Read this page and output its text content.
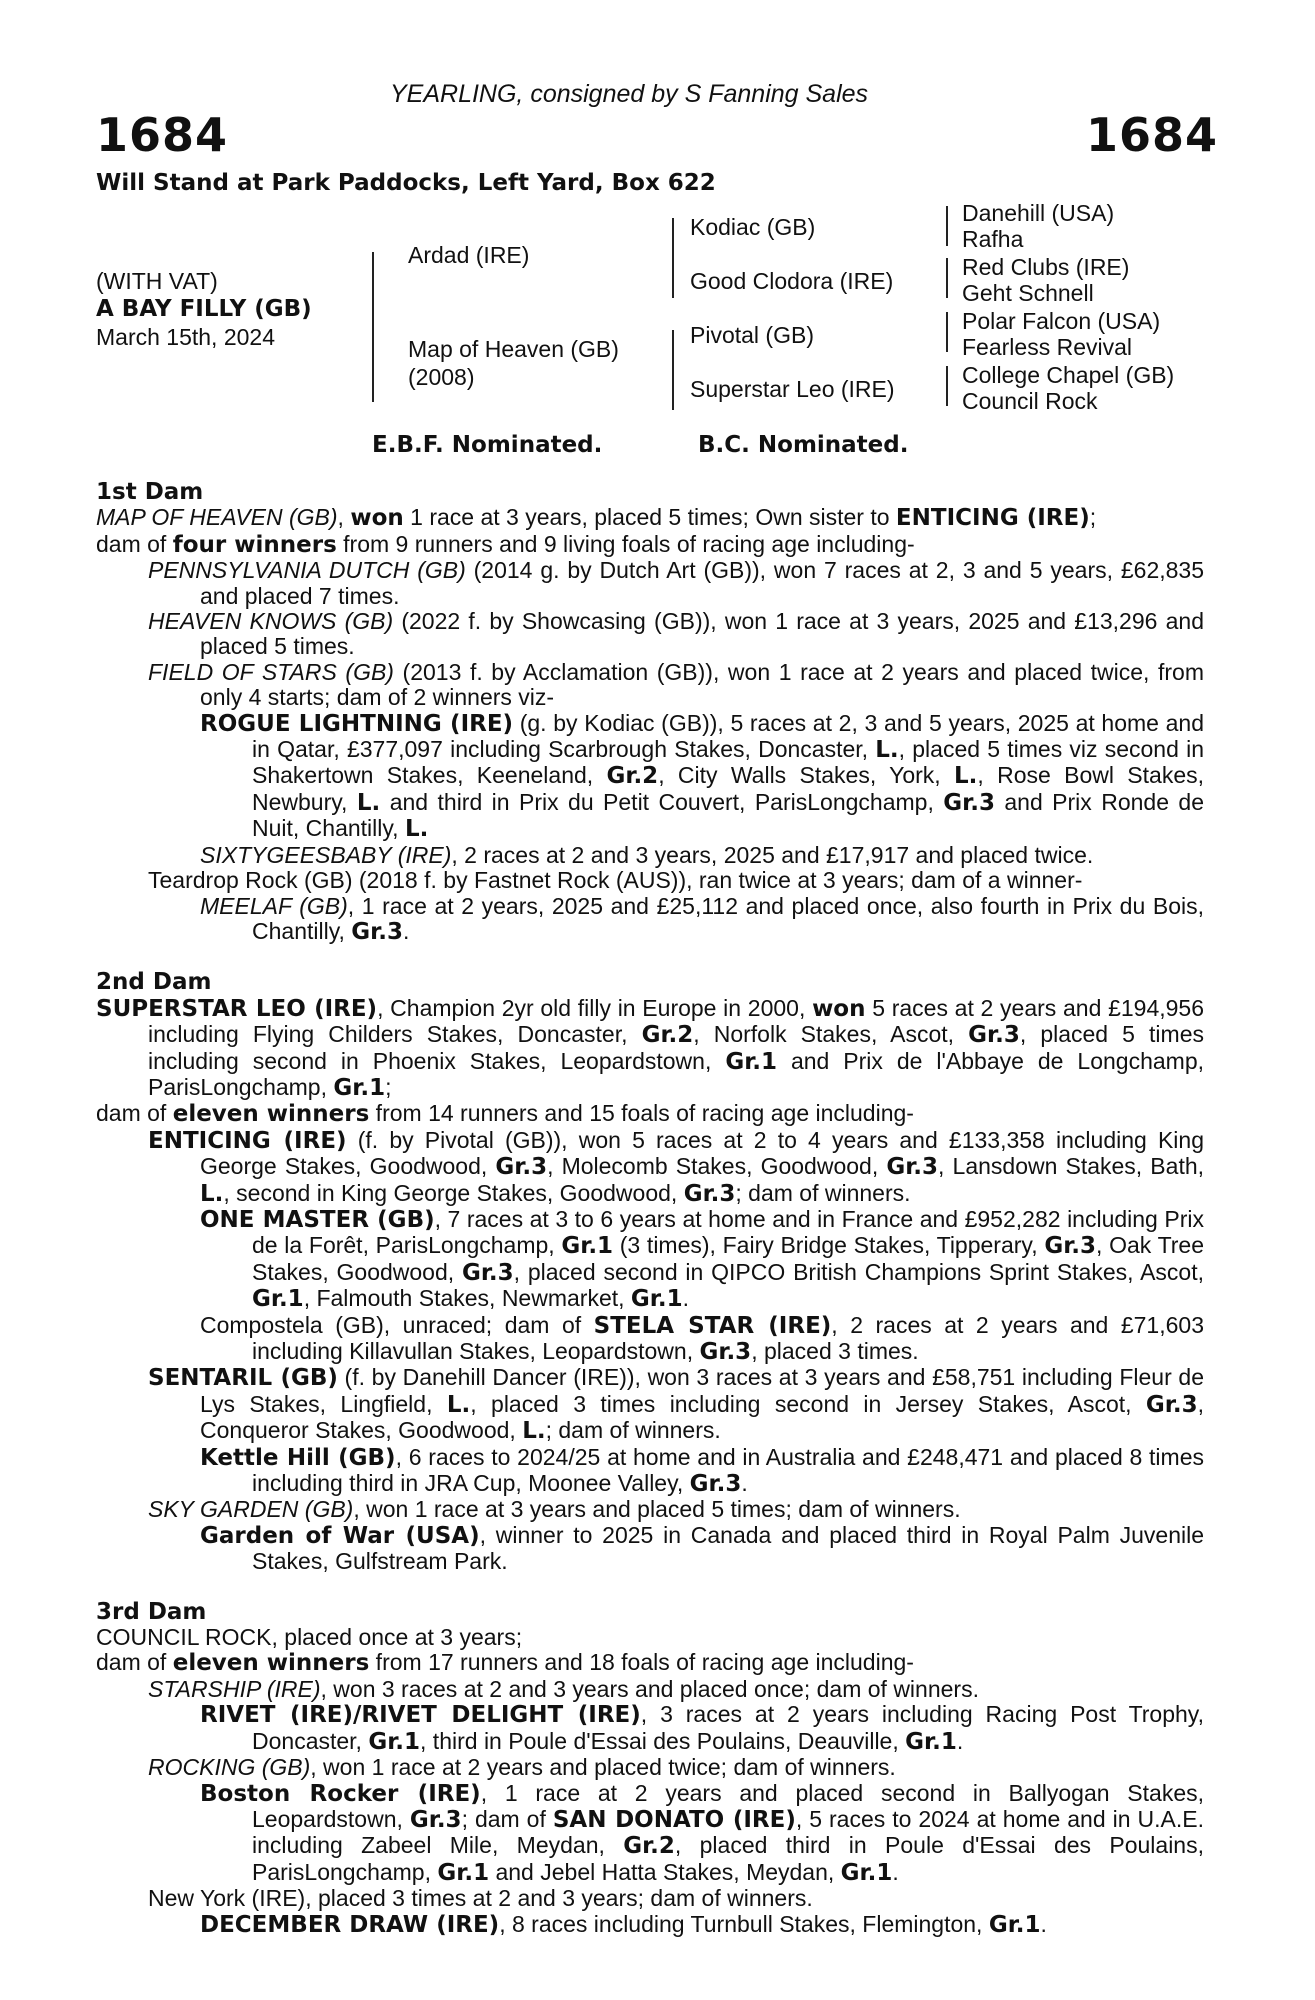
YEARLING, consigned by S Fanning Sales
1684	1684
Will Stand at Park Paddocks, Left Yard, Box 622
(WITH VAT)
A BAY FILLY (GB)
March 15th, 2024
Ardad (IRE)
Map of Heaven (GB)
(2008)
Kodiac (GB)
Good Clodora (IRE)
Pivotal (GB)
Superstar Leo (IRE)
Danehill (USA)
Rafha
Red Clubs (IRE)
Geht Schnell
Polar Falcon (USA)
Fearless Revival
College Chapel (GB)
Council Rock
E.B.F. Nominated.	B.C. Nominated.
1st Dam
MAP OF HEAVEN (GB), won 1 race at 3 years, placed 5 times; Own sister to ENTICING (IRE);
dam of four winners from 9 runners and 9 living foals of racing age including-
PENNSYLVANIA DUTCH (GB) (2014 g. by Dutch Art (GB)), won 7 races at 2, 3 and 5 years, £62,835 and placed 7 times.
HEAVEN KNOWS (GB) (2022 f. by Showcasing (GB)), won 1 race at 3 years, 2025 and £13,296 and placed 5 times.
FIELD OF STARS (GB) (2013 f. by Acclamation (GB)), won 1 race at 2 years and placed twice, from only 4 starts; dam of 2 winners viz-
ROGUE LIGHTNING (IRE) (g. by Kodiac (GB)), 5 races at 2, 3 and 5 years, 2025 at home and in Qatar, £377,097 including Scarbrough Stakes, Doncaster, L., placed 5 times viz second in Shakertown Stakes, Keeneland, Gr.2, City Walls Stakes, York, L., Rose Bowl Stakes, Newbury, L. and third in Prix du Petit Couvert, ParisLongchamp, Gr.3 and Prix Ronde de Nuit, Chantilly, L.
SIXTYGEESBABY (IRE), 2 races at 2 and 3 years, 2025 and £17,917 and placed twice.
Teardrop Rock (GB) (2018 f. by Fastnet Rock (AUS)), ran twice at 3 years; dam of a winner-
MEELAF (GB), 1 race at 2 years, 2025 and £25,112 and placed once, also fourth in Prix du Bois, Chantilly, Gr.3.
2nd Dam
SUPERSTAR LEO (IRE), Champion 2yr old filly in Europe in 2000, won 5 races at 2 years and £194,956 including Flying Childers Stakes, Doncaster, Gr.2, Norfolk Stakes, Ascot, Gr.3, placed 5 times including second in Phoenix Stakes, Leopardstown, Gr.1 and Prix de l'Abbaye de Longchamp, ParisLongchamp, Gr.1;
dam of eleven winners from 14 runners and 15 foals of racing age including-
ENTICING (IRE) (f. by Pivotal (GB)), won 5 races at 2 to 4 years and £133,358 including King George Stakes, Goodwood, Gr.3, Molecomb Stakes, Goodwood, Gr.3, Lansdown Stakes, Bath, L., second in King George Stakes, Goodwood, Gr.3; dam of winners.
ONE MASTER (GB), 7 races at 3 to 6 years at home and in France and £952,282 including Prix de la Forêt, ParisLongchamp, Gr.1 (3 times), Fairy Bridge Stakes, Tipperary, Gr.3, Oak Tree Stakes, Goodwood, Gr.3, placed second in QIPCO British Champions Sprint Stakes, Ascot, Gr.1, Falmouth Stakes, Newmarket, Gr.1.
Compostela (GB), unraced; dam of STELA STAR (IRE), 2 races at 2 years and £71,603 including Killavullan Stakes, Leopardstown, Gr.3, placed 3 times.
SENTARIL (GB) (f. by Danehill Dancer (IRE)), won 3 races at 3 years and £58,751 including Fleur de Lys Stakes, Lingfield, L., placed 3 times including second in Jersey Stakes, Ascot, Gr.3, Conqueror Stakes, Goodwood, L.; dam of winners.
Kettle Hill (GB), 6 races to 2024/25 at home and in Australia and £248,471 and placed 8 times including third in JRA Cup, Moonee Valley, Gr.3.
SKY GARDEN (GB), won 1 race at 3 years and placed 5 times; dam of winners.
Garden of War (USA), winner to 2025 in Canada and placed third in Royal Palm Juvenile Stakes, Gulfstream Park.
3rd Dam
COUNCIL ROCK, placed once at 3 years;
dam of eleven winners from 17 runners and 18 foals of racing age including-
STARSHIP (IRE), won 3 races at 2 and 3 years and placed once; dam of winners.
RIVET (IRE)/RIVET DELIGHT (IRE), 3 races at 2 years including Racing Post Trophy, Doncaster, Gr.1, third in Poule d'Essai des Poulains, Deauville, Gr.1.
ROCKING (GB), won 1 race at 2 years and placed twice; dam of winners.
Boston Rocker (IRE), 1 race at 2 years and placed second in Ballyogan Stakes, Leopardstown, Gr.3; dam of SAN DONATO (IRE), 5 races to 2024 at home and in U.A.E. including Zabeel Mile, Meydan, Gr.2, placed third in Poule d'Essai des Poulains, ParisLongchamp, Gr.1 and Jebel Hatta Stakes, Meydan, Gr.1.
New York (IRE), placed 3 times at 2 and 3 years; dam of winners.
DECEMBER DRAW (IRE), 8 races including Turnbull Stakes, Flemington, Gr.1.
